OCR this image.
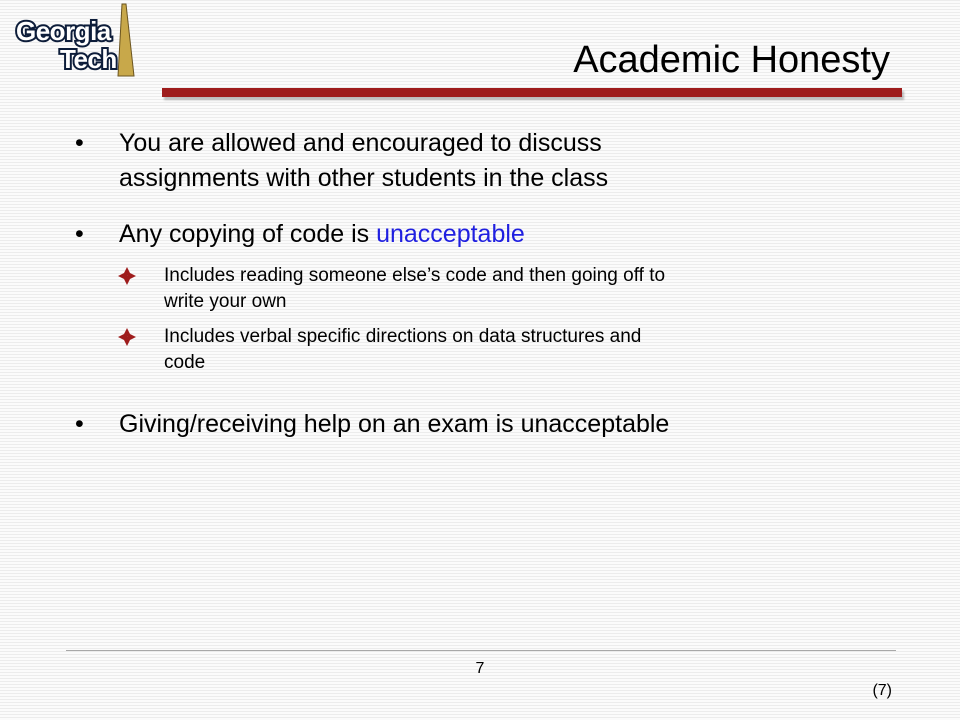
Georgia
Tech	Academic Honesty
•	You are allowed and encouraged to discuss
assignments with other students in the class
•	Any copying of code is unacceptable
Includes reading someone else’s code and then going off to
write your own
Includes verbal specific directions on data structures and
code
•	Giving/receiving help on an exam is unacceptable
7
(7)
